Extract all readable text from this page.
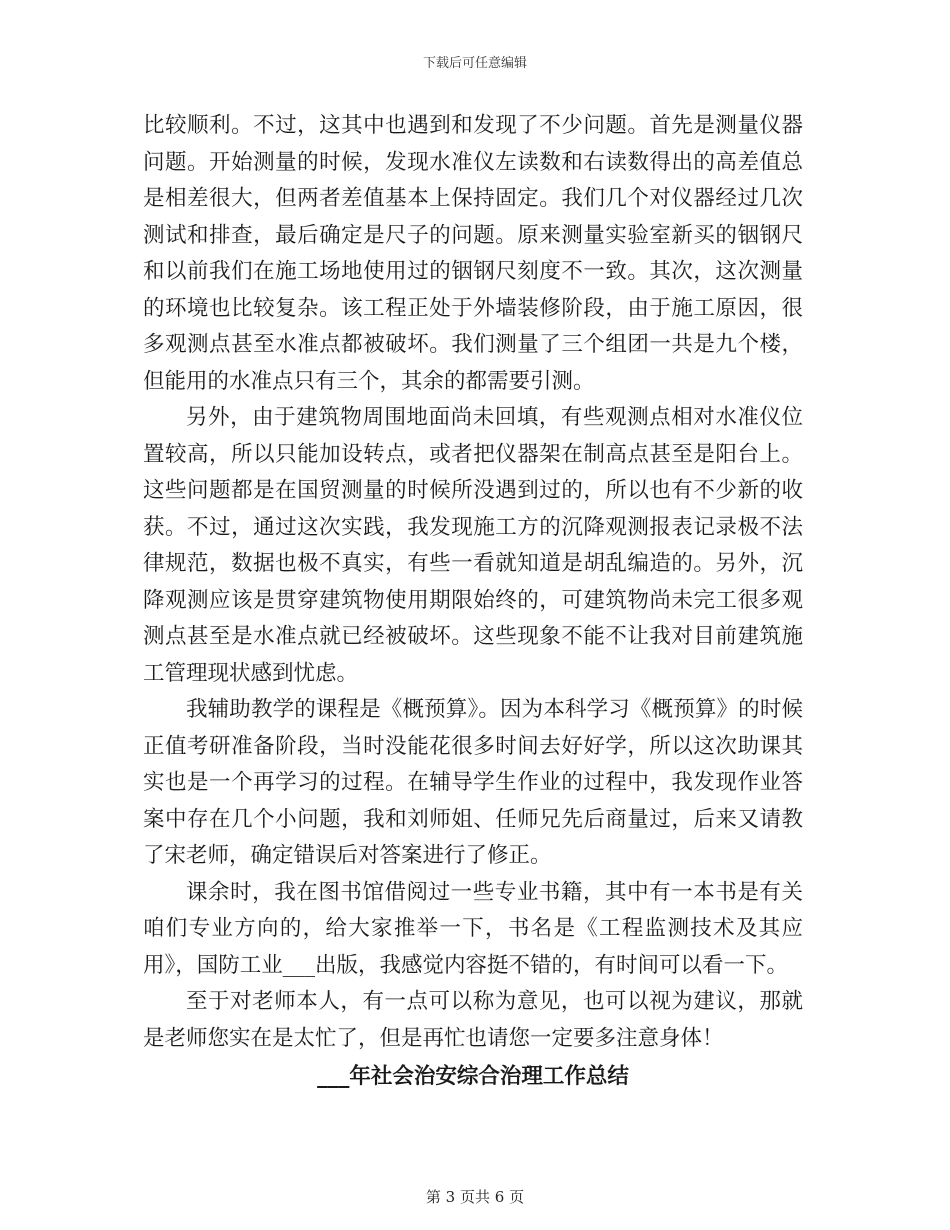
下载后可任意编辑

比较顺利。不过，这其中也遇到和发现了不少问题。首先是测量仪器问题。开始测量的时候，发现水准仪左读数和右读数得出的高差值总是相差很大，但两者差值基本上保持固定。我们几个对仪器经过几次测试和排查，最后确定是尺子的问题。原来测量实验室新买的铟钢尺和以前我们在施工场地使用过的铟钢尺刻度不一致。其次，这次测量的环境也比较复杂。该工程正处于外墙装修阶段，由于施工原因，很多观测点甚至水准点都被破坏。我们测量了三个组团一共是九个楼，但能用的水准点只有三个，其余的都需要引测。

另外，由于建筑物周围地面尚未回填，有些观测点相对水准仪位置较高，所以只能加设转点，或者把仪器架在制高点甚至是阳台上。这些问题都是在国贸测量的时候所没遇到过的，所以也有不少新的收获。不过，通过这次实践，我发现施工方的沉降观测报表记录极不法律规范，数据也极不真实，有些一看就知道是胡乱编造的。另外，沉降观测应该是贯穿建筑物使用期限始终的，可建筑物尚未完工很多观测点甚至是水准点就已经被破坏。这些现象不能不让我对目前建筑施工管理现状感到忧虑。

我辅助教学的课程是《概预算》。因为本科学习《概预算》的时候正值考研准备阶段，当时没能花很多时间去好好学，所以这次助课其实也是一个再学习的过程。在辅导学生作业的过程中，我发现作业答案中存在几个小问题，我和刘师姐、任师兄先后商量过，后来又请教了宋老师，确定错误后对答案进行了修正。

课余时，我在图书馆借阅过一些专业书籍，其中有一本书是有关咱们专业方向的，给大家推举一下，书名是《工程监测技术及其应用》，国防工业___出版，我感觉内容挺不错的，有时间可以看一下。

至于对老师本人，有一点可以称为意见，也可以视为建议，那就是老师您实在是太忙了，但是再忙也请您一定要多注意身体！

___年社会治安综合治理工作总结

第 3 页共 6 页
